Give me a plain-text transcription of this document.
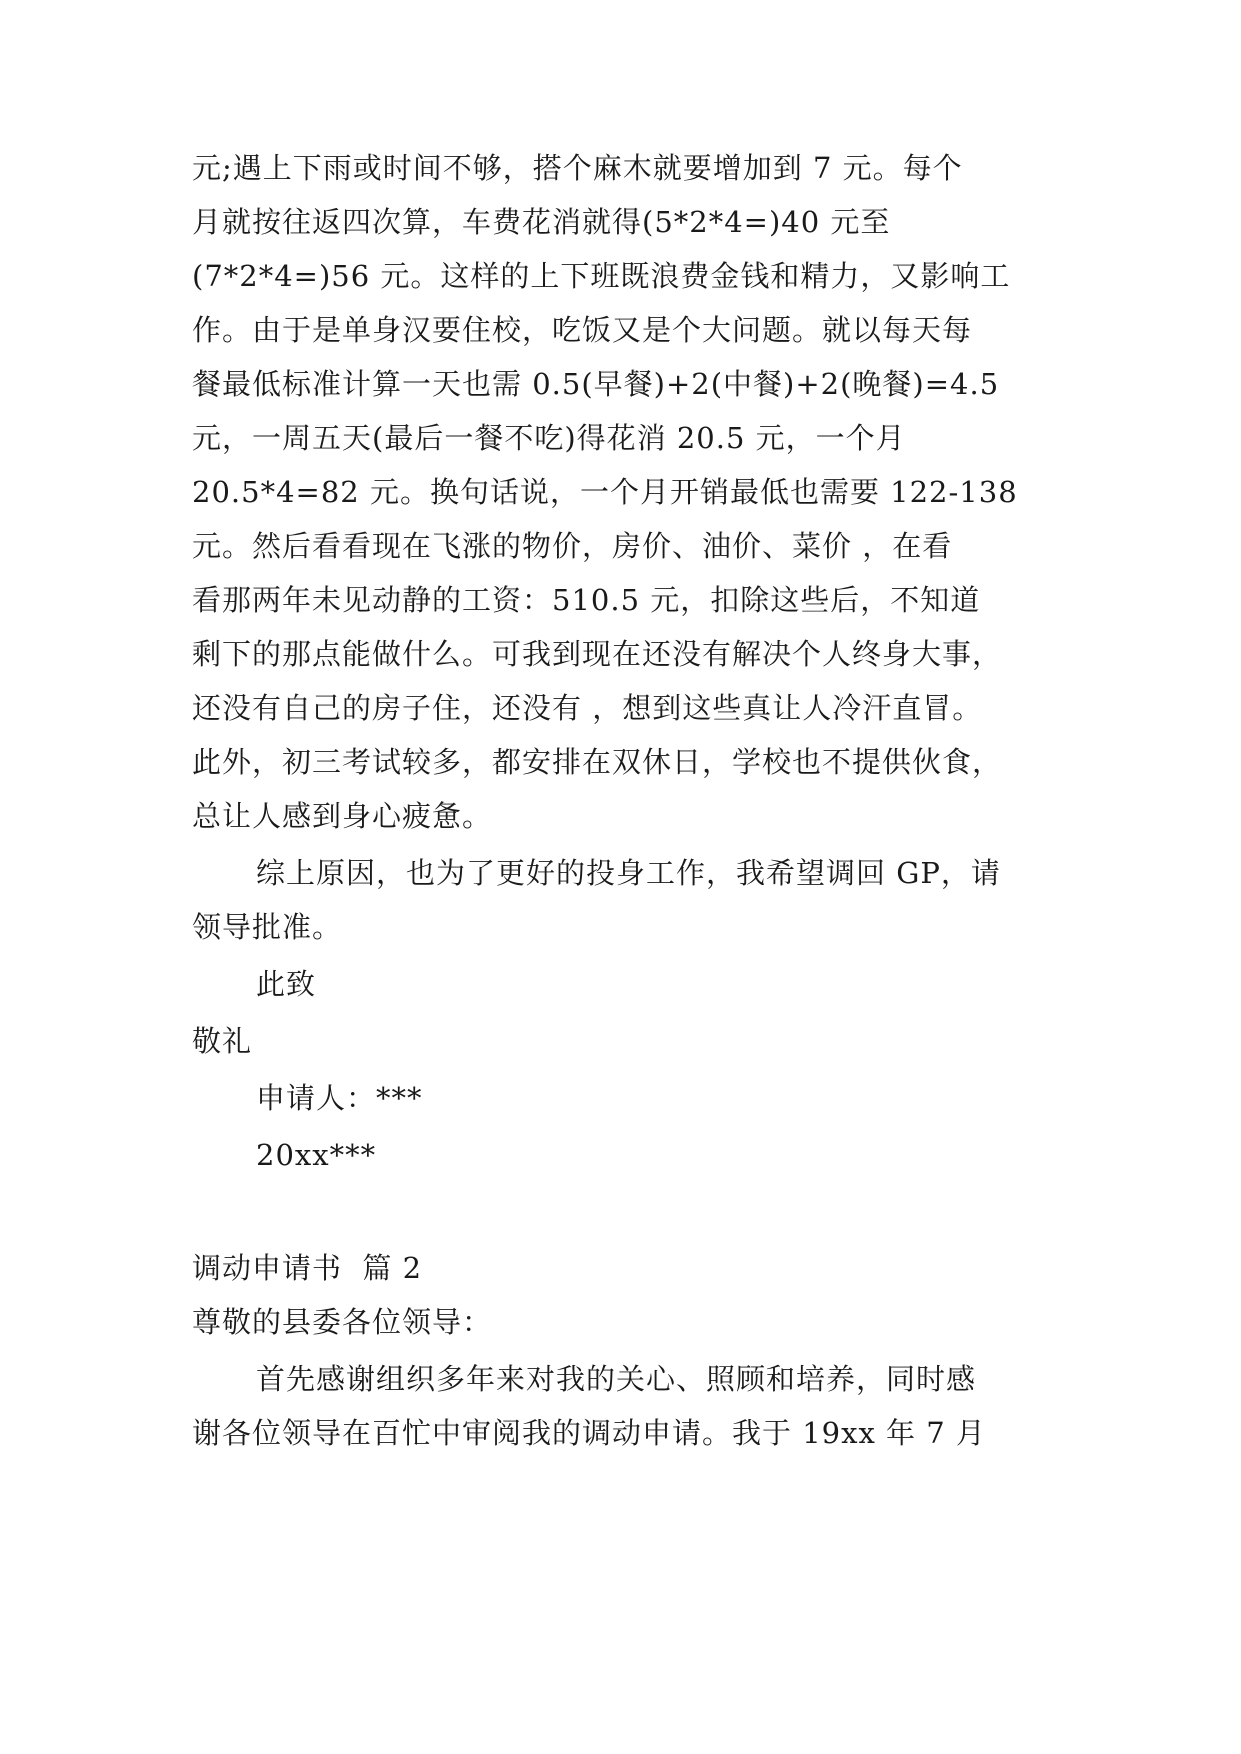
元;遇上下雨或时间不够，搭个麻木就要增加到 7 元。每个
月就按往返四次算，车费花消就得(5*2*4=)40 元至
(7*2*4=)56 元。这样的上下班既浪费金钱和精力，又影响工
作。由于是单身汉要住校，吃饭又是个大问题。就以每天每
餐最低标准计算一天也需 0.5(早餐)+2(中餐)+2(晚餐)=4.5
元，一周五天(最后一餐不吃)得花消 20.5 元，一个月
20.5*4=82 元。换句话说，一个月开销最低也需要 122-138
元。然后看看现在飞涨的物价，房价、油价、菜价 ，在看
看那两年未见动静的工资：510.5 元，扣除这些后，不知道
剩下的那点能做什么。可我到现在还没有解决个人终身大事，
还没有自己的房子住，还没有 ，想到这些真让人冷汗直冒。
此外，初三考试较多，都安排在双休日，学校也不提供伙食，
总让人感到身心疲惫。
综上原因，也为了更好的投身工作，我希望调回 GP，请
领导批准。
此致
敬礼
申请人：***
20xx***
调动申请书  篇 2
尊敬的县委各位领导：
首先感谢组织多年来对我的关心、照顾和培养，同时感
谢各位领导在百忙中审阅我的调动申请。我于 19xx 年 7 月
